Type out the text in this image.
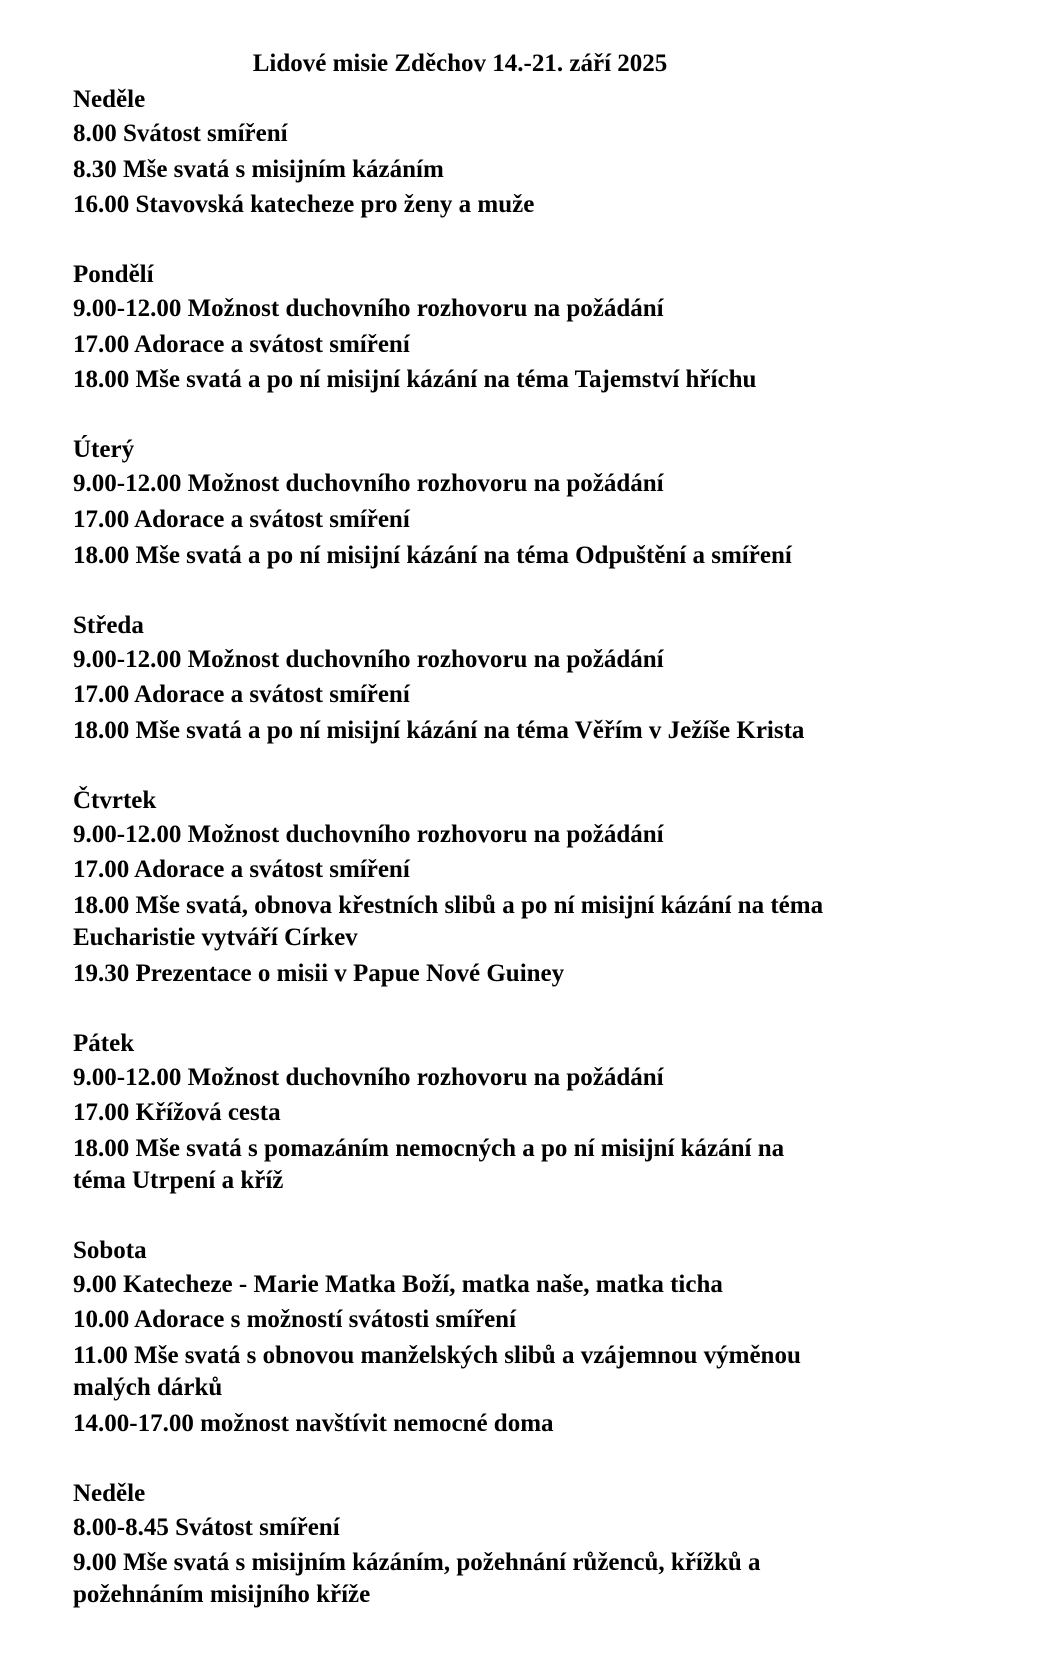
Lidové misie Zděchov 14.-21. září 2025
Neděle
8.00 Svátost smíření
8.30 Mše svatá s misijním kázáním
16.00 Stavovská katecheze pro ženy a muže
Pondělí
9.00-12.00 Možnost duchovního rozhovoru na požádání
17.00 Adorace a svátost smíření
18.00 Mše svatá a po ní misijní kázání na téma Tajemství hříchu
Úterý
9.00-12.00 Možnost duchovního rozhovoru na požádání
17.00 Adorace a svátost smíření
18.00 Mše svatá a po ní misijní kázání na téma Odpuštění a smíření
Středa
9.00-12.00 Možnost duchovního rozhovoru na požádání
17.00 Adorace a svátost smíření
18.00 Mše svatá a po ní misijní kázání na téma Věřím v Ježíše Krista
Čtvrtek
9.00-12.00 Možnost duchovního rozhovoru na požádání
17.00 Adorace a svátost smíření
18.00 Mše svatá, obnova křestních slibů a po ní misijní kázání na téma
Eucharistie vytváří Církev
19.30 Prezentace o misii v Papue Nové Guiney
Pátek
9.00-12.00 Možnost duchovního rozhovoru na požádání
17.00 Křížová cesta
18.00 Mše svatá s pomazáním nemocných a po ní misijní kázání na
téma Utrpení a kříž
Sobota
9.00 Katecheze - Marie Matka Boží, matka naše, matka ticha
10.00 Adorace s možností svátosti smíření
11.00 Mše svatá s obnovou manželských slibů a vzájemnou výměnou
malých dárků
14.00-17.00 možnost navštívit nemocné doma
Neděle
8.00-8.45 Svátost smíření
9.00 Mše svatá s misijním kázáním, požehnání růženců, křížků a
požehnáním misijního kříže
